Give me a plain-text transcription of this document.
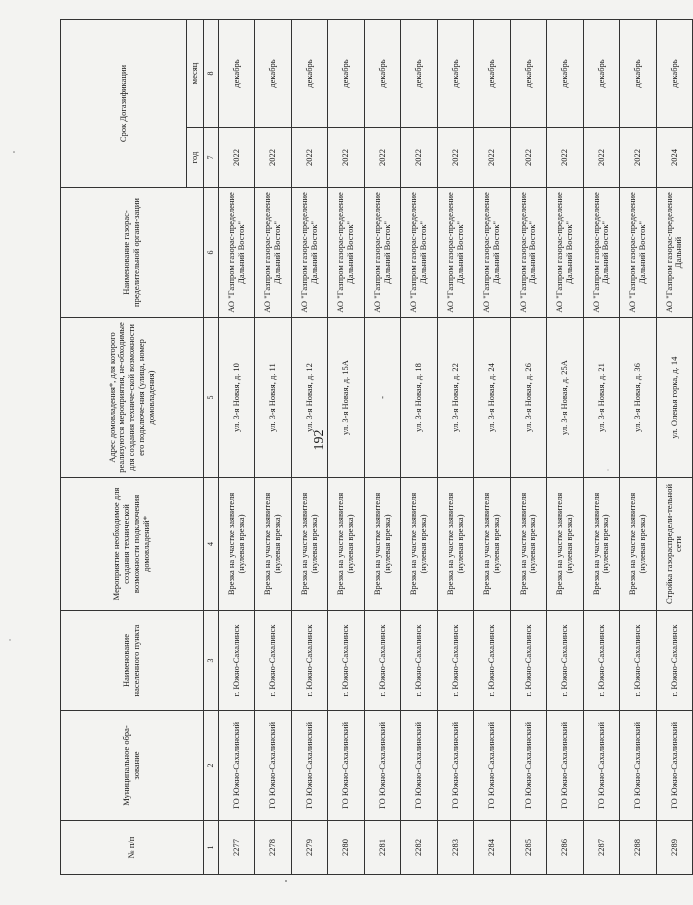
192
№ п/п	Муниципальное обра-зование	Наименование населенного пункта	Мероприятие необходимое для создания технической возможности подключения домовладений*	Адрес домовладения*, для которого реализуются мероприятия, не-обходимые для создания техниче-ской возможности его подключе-ния (улица, номер домовладения)	Наименование газорас-пределительной органи-зации	Срок Догазификации	
						год	месяц
1	2	3	4	5	6	7	8
2277	ГО Южно-Сахалинский	г. Южно-Сахалинск	Врезка на участке заявителя (нулевая врезка)	ул. 3-я Новая, д. 10	АО "Газпром газорас-пределение Дальний Восток"	2022	декабрь
2278	ГО Южно-Сахалинский	г. Южно-Сахалинск	Врезка на участке заявителя (нулевая врезка)	ул. 3-я Новая, д. 11	АО "Газпром газорас-пределение Дальний Восток"	2022	декабрь
2279	ГО Южно-Сахалинский	г. Южно-Сахалинск	Врезка на участке заявителя (нулевая врезка)	ул. 3-я Новая, д. 12	АО "Газпром газорас-пределение Дальний Восток"	2022	декабрь
2280	ГО Южно-Сахалинский	г. Южно-Сахалинск	Врезка на участке заявителя (нулевая врезка)	ул. 3-я Новая, д. 15А	АО "Газпром газорас-пределение Дальний Восток"	2022	декабрь
2281	ГО Южно-Сахалинский	г. Южно-Сахалинск	Врезка на участке заявителя (нулевая врезка)	-	АО "Газпром газорас-пределение Дальний Восток"	2022	декабрь
2282	ГО Южно-Сахалинский	г. Южно-Сахалинск	Врезка на участке заявителя (нулевая врезка)	ул. 3-я Новая, д. 18	АО "Газпром газорас-пределение Дальний Восток"	2022	декабрь
2283	ГО Южно-Сахалинский	г. Южно-Сахалинск	Врезка на участке заявителя (нулевая врезка)	ул. 3-я Новая, д. 22	АО "Газпром газорас-пределение Дальний Восток"	2022	декабрь
2284	ГО Южно-Сахалинский	г. Южно-Сахалинск	Врезка на участке заявителя (нулевая врезка)	ул. 3-я Новая, д. 24	АО "Газпром газорас-пределение Дальний Восток"	2022	декабрь
2285	ГО Южно-Сахалинский	г. Южно-Сахалинск	Врезка на участке заявителя (нулевая врезка)	ул. 3-я Новая, д. 26	АО "Газпром газорас-пределение Дальний Восток"	2022	декабрь
2286	ГО Южно-Сахалинский	г. Южно-Сахалинск	Врезка на участке заявителя (нулевая врезка)	ул. 3-я Новая, д. 25А	АО "Газпром газорас-пределение Дальний Восток"	2022	декабрь
2287	ГО Южно-Сахалинский	г. Южно-Сахалинск	Врезка на участке заявителя (нулевая врезка)	ул. 3-я Новая, д. 21	АО "Газпром газорас-пределение Дальний Восток"	2022	декабрь
2288	ГО Южно-Сахалинский	г. Южно-Сахалинск	Врезка на участке заявителя (нулевая врезка)	ул. 3-я Новая, д. 36	АО "Газпром газорас-пределение Дальний Восток"	2022	декабрь
2289	ГО Южно-Сахалинский	г. Южно-Сахалинск	Стройка газораспредели-тельной сети	ул. Оленья горка, д. 14	АО "Газпром газорас-пределение Дальний	2024	декабрь
